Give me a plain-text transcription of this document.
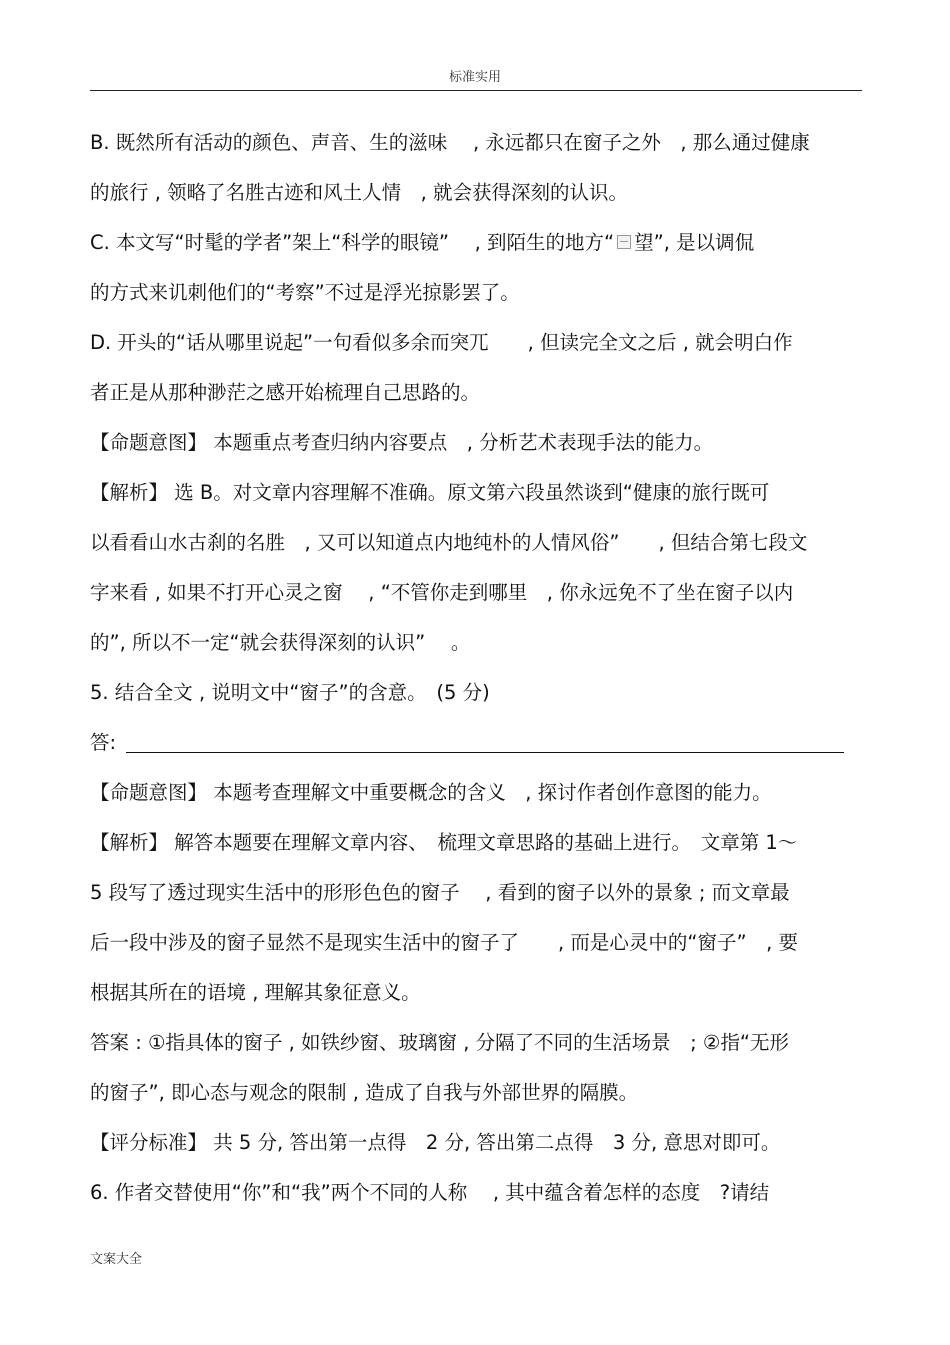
标准实用
B. 既然所有活动的颜色、声音、生的滋味　 , 永远都只在窗子之外　, 那么通过健康
的旅行 , 领略了名胜古迹和风土人情　, 就会获得深刻的认识。
C. 本文写“时髦的学者”架上“科学的眼镜”　 , 到陌生的地方“ 望”, 是以调侃
的方式来讥刺他们的“考察”不过是浮光掠影罢了。
D. 开头的“话从哪里说起”一句看似多余而突兀　　, 但读完全文之后 , 就会明白作
者正是从那种渺茫之感开始梳理自己思路的。
【命题意图】 本题重点考查归纳内容要点　, 分析艺术表现手法的能力。
【解析】 选 B。对文章内容理解不准确。原文第六段虽然谈到“健康的旅行既可
以看看山水古刹的名胜　, 又可以知道点内地纯朴的人情风俗”　　, 但结合第七段文
字来看 , 如果不打开心灵之窗　 , “不管你走到哪里　, 你永远免不了坐在窗子以内
的”, 所以不一定“就会获得深刻的认识”　 。
5. 结合全文 , 说明文中“窗子”的含意。　(5 分)
答:
【命题意图】 本题考查理解文中重要概念的含义　, 探讨作者创作意图的能力。
【解析】 解答本题要在理解文章内容、　梳理文章思路的基础上进行。　文章第 1～
5 段写了透过现实生活中的形形色色的窗子　 , 看到的窗子以外的景象 ; 而文章最
后一段中涉及的窗子显然不是现实生活中的窗子了　　, 而是心灵中的“窗子”　, 要
根据其所在的语境 , 理解其象征意义。
答案 : ①指具体的窗子 , 如铁纱窗、玻璃窗 , 分隔了不同的生活场景　; ②指“无形
的窗子”, 即心态与观念的限制 , 造成了自我与外部世界的隔膜。
【评分标准】 共 5 分, 答出第一点得　2 分, 答出第二点得　3 分, 意思对即可。
6. 作者交替使用“你”和“我”两个不同的人称　 , 其中蕴含着怎样的态度　?请结
文案大全
